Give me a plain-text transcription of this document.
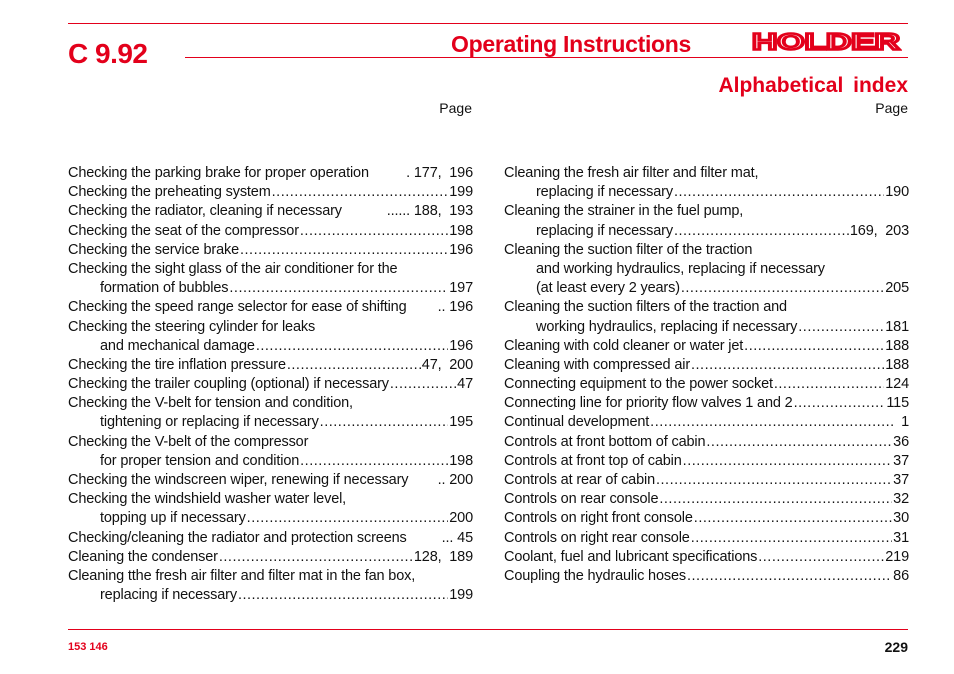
C 9.92	Operating Instructions	HOLDER
Alphabetical index
Page	Page
Checking the parking brake for proper operation	. 177,  196
Checking the preheating system .....	199
Checking the radiator, cleaning if necessary	...... 188,  193
Checking the seat of the compressor .....	198
Checking the service brake .....	196
Checking the sight glass of the air conditioner for the
formation of bubbles .....	197
Checking the speed range selector for ease of shifting .. 196
Checking the steering cylinder for leaks
and mechanical damage .....	196
Checking the tire inflation pressure .....	47,  200
Checking the trailer coupling (optional) if necessary .....	47
Checking the V-belt for tension and condition,
tightening or replacing if necessary .....	195
Checking the V-belt of the compressor
for proper tension and condition .....	198
Checking the windscreen wiper, renewing if necessary .. 200
Checking the windshield washer water level,
topping up if necessary .....	200
Checking/cleaning the radiator and protection screens ... 45
Cleaning the condenser .....	128,  189
Cleaning tthe fresh air filter and filter mat in the fan box,
replacing if necessary .....	199
Cleaning the fresh air filter and filter mat,
replacing if necessary .....	190
Cleaning the strainer in the fuel pump,
replacing if necessary .....	169,  203
Cleaning the suction filter of the traction
and working hydraulics, replacing if necessary
(at least every 2 years) .....	205
Cleaning the suction filters of the traction and
working hydraulics, replacing if necessary .....	181
Cleaning with cold cleaner or water jet .....	188
Cleaning with compressed air .....	188
Connecting equipment to the power socket .....	124
Connecting line for priority flow valves 1 and 2 .....	115
Continual development .....	1
Controls at front bottom of cabin .....	36
Controls at front top of cabin .....	37
Controls at rear of cabin .....	37
Controls on rear console .....	32
Controls on right front console .....	30
Controls on right rear console .....	31
Coolant, fuel and lubricant specifications .....	219
Coupling the hydraulic hoses .....	86
153 146	229
